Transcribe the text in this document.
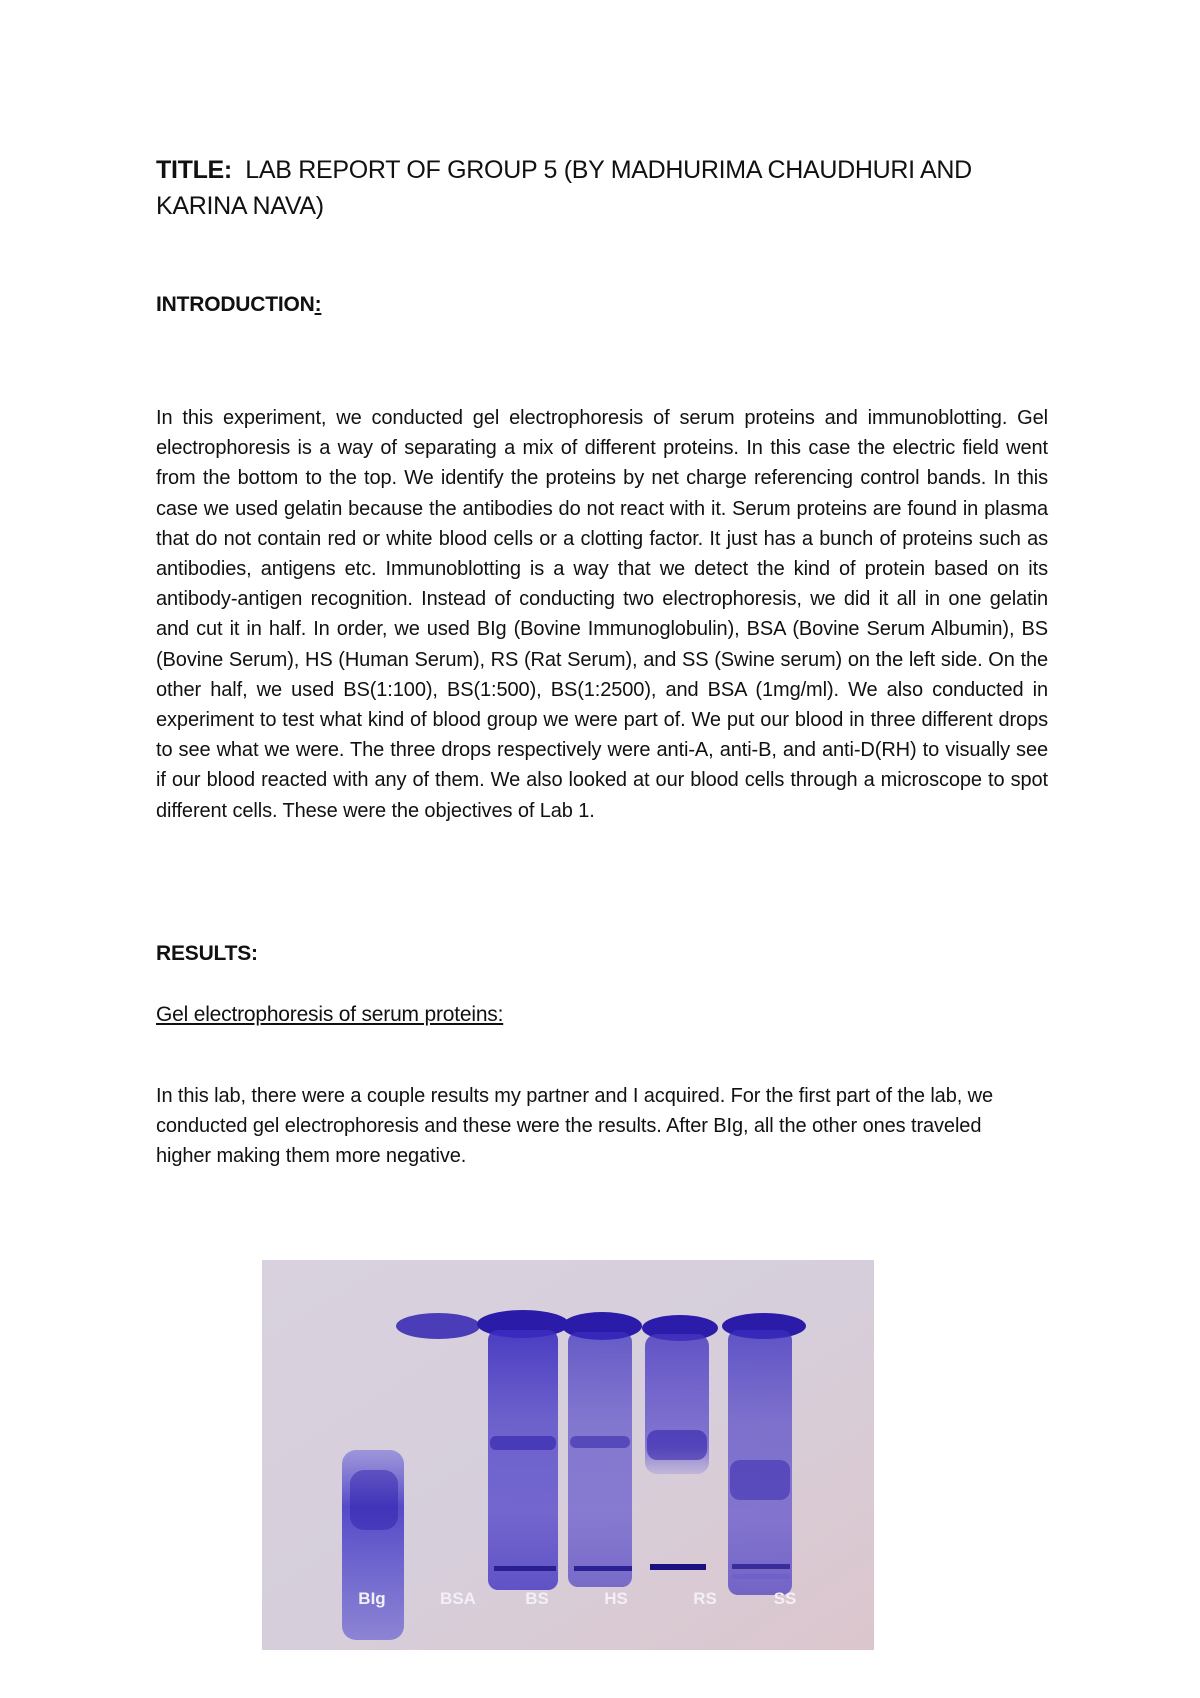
TITLE: LAB REPORT OF GROUP 5 (BY MADHURIMA CHAUDHURI AND KARINA NAVA)
INTRODUCTION:
In this experiment, we conducted gel electrophoresis of serum proteins and immunoblotting. Gel electrophoresis is a way of separating a mix of different proteins. In this case the electric field went from the bottom to the top. We identify the proteins by net charge referencing control bands. In this case we used gelatin because the antibodies do not react with it. Serum proteins are found in plasma that do not contain red or white blood cells or a clotting factor. It just has a bunch of proteins such as antibodies, antigens etc. Immunoblotting is a way that we detect the kind of protein based on its antibody-antigen recognition. Instead of conducting two electrophoresis, we did it all in one gelatin and cut it in half. In order, we used BIg (Bovine Immunoglobulin), BSA (Bovine Serum Albumin), BS (Bovine Serum), HS (Human Serum), RS (Rat Serum), and SS (Swine serum) on the left side. On the other half, we used BS(1:100), BS(1:500), BS(1:2500), and BSA (1mg/ml). We also conducted in experiment to test what kind of blood group we were part of. We put our blood in three different drops to see what we were. The three drops respectively were anti-A, anti-B, and anti-D(RH) to visually see if our blood reacted with any of them. We also looked at our blood cells through a microscope to spot different cells. These were the objectives of Lab 1.
RESULTS:
Gel electrophoresis of serum proteins:
In this lab, there were a couple results my partner and I acquired. For the first part of the lab, we conducted gel electrophoresis and these were the results. After BIg, all the other ones traveled higher making them more negative.
BIg	BSA	BS	HS	RS	SS
